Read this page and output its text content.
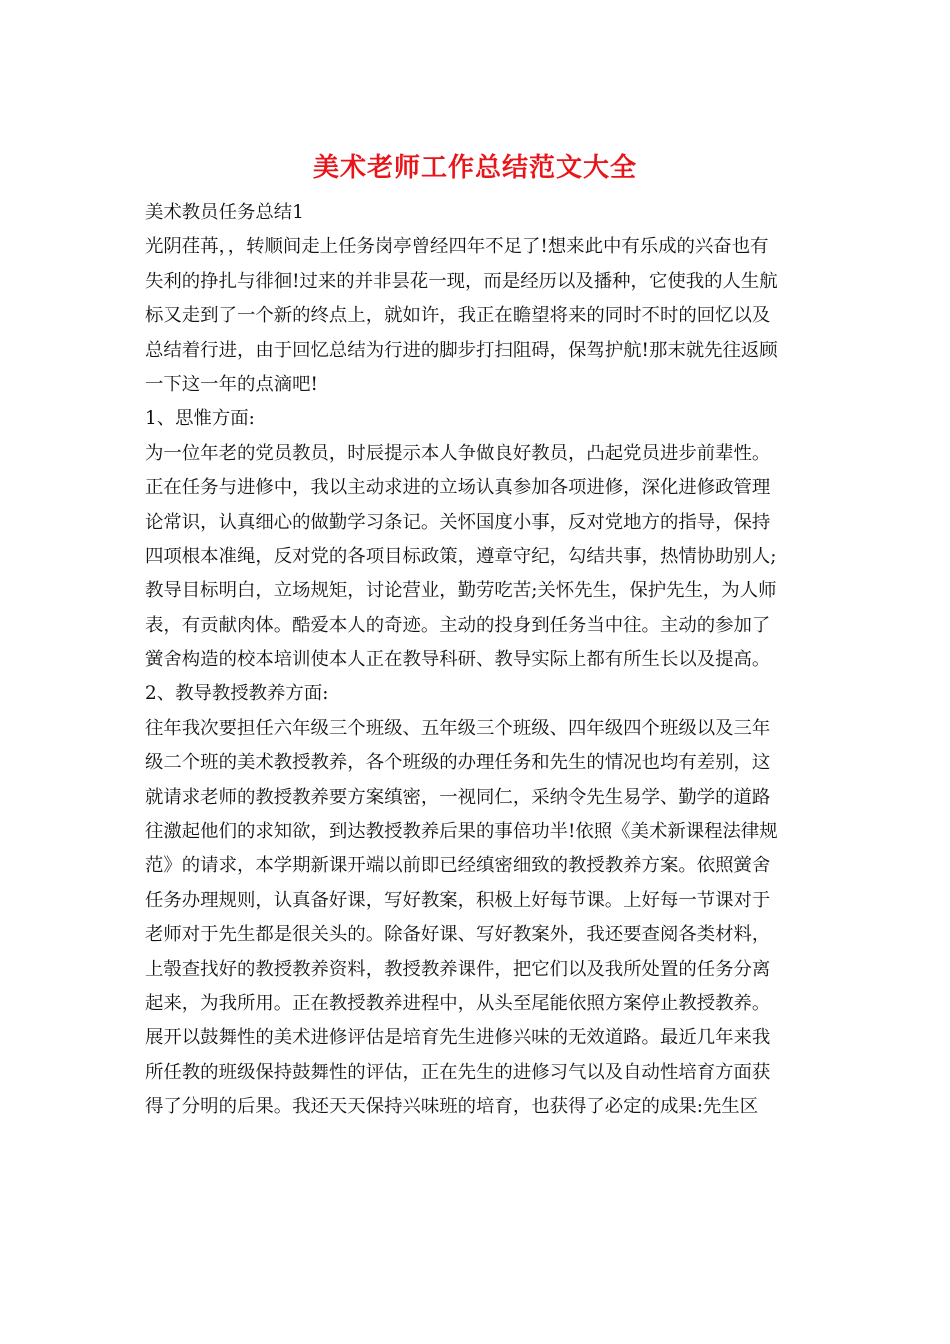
美术老师工作总结范文大全
美术教员任务总结1
光阴荏苒，，转顺间走上任务岗亭曾经四年不足了!想来此中有乐成的兴奋也有
失利的挣扎与徘徊!过来的并非昙花一现，而是经历以及播种，它使我的人生航
标又走到了一个新的终点上，就如许，我正在瞻望将来的同时不时的回忆以及
总结着行进，由于回忆总结为行进的脚步打扫阻碍，保驾护航!那末就先往返顾
一下这一年的点滴吧!
1、思惟方面:
为一位年老的党员教员，时辰提示本人争做良好教员，凸起党员进步前辈性。
正在任务与进修中，我以主动求进的立场认真参加各项进修，深化进修政管理
论常识，认真细心的做勤学习条记。关怀国度小事，反对党地方的指导，保持
四项根本准绳，反对党的各项目标政策，遵章守纪，勾结共事，热情协助别人;
教导目标明白，立场规矩，讨论营业，勤劳吃苦;关怀先生，保护先生，为人师
表，有贡献肉体。酷爱本人的奇迹。主动的投身到任务当中往。主动的参加了
黉舍构造的校本培训使本人正在教导科研、教导实际上都有所生长以及提高。
2、教导教授教养方面:
往年我次要担任六年级三个班级、五年级三个班级、四年级四个班级以及三年
级二个班的美术教授教养，各个班级的办理任务和先生的情况也均有差别，这
就请求老师的教授教养要方案缜密，一视同仁，采纳令先生易学、勤学的道路
往激起他们的求知欲，到达教授教养后果的事倍功半!依照《美术新课程法律规
范》的请求，本学期新课开端以前即已经缜密细致的教授教养方案。依照黉舍
任务办理规则，认真备好课，写好教案，积极上好每节课。上好每一节课对于
老师对于先生都是很关头的。除备好课、写好教案外，我还要查阅各类材料，
上彀查找好的教授教养资料，教授教养课件，把它们以及我所处置的任务分离
起来，为我所用。正在教授教养进程中，从头至尾能依照方案停止教授教养。
展开以鼓舞性的美术进修评估是培育先生进修兴味的无效道路。最近几年来我
所任教的班级保持鼓舞性的评估，正在先生的进修习气以及自动性培育方面获
得了分明的后果。我还天天保持兴味班的培育，也获得了必定的成果:先生区
